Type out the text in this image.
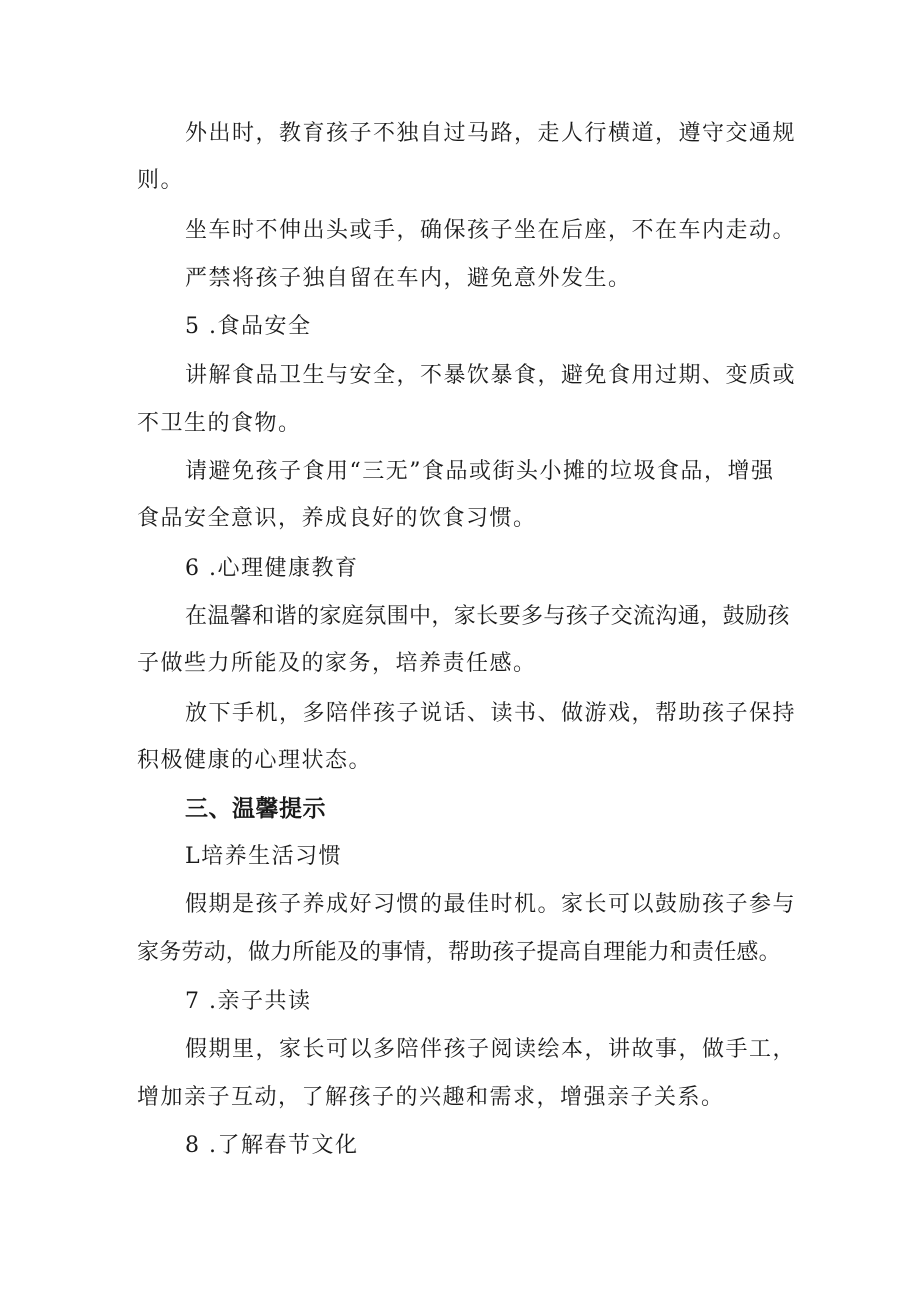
外出时，教育孩子不独自过马路，走人行横道，遵守交通规
则。
坐车时不伸出头或手，确保孩子坐在后座，不在车内走动。
严禁将孩子独自留在车内，避免意外发生。
5 .食品安全
讲解食品卫生与安全，不暴饮暴食，避免食用过期、变质或
不卫生的食物。
请避免孩子食用“三无”食品或街头小摊的垃圾食品，增强
食品安全意识，养成良好的饮食习惯。
6 .心理健康教育
在温馨和谐的家庭氛围中，家长要多与孩子交流沟通，鼓励孩
子做些力所能及的家务，培养责任感。
放下手机，多陪伴孩子说话、读书、做游戏，帮助孩子保持
积极健康的心理状态。
三、温馨提示
L培养生活习惯
假期是孩子养成好习惯的最佳时机。家长可以鼓励孩子参与
家务劳动，做力所能及的事情，帮助孩子提高自理能力和责任感。
7 .亲子共读
假期里，家长可以多陪伴孩子阅读绘本，讲故事，做手工，
增加亲子互动，了解孩子的兴趣和需求，增强亲子关系。
8 .了解春节文化
